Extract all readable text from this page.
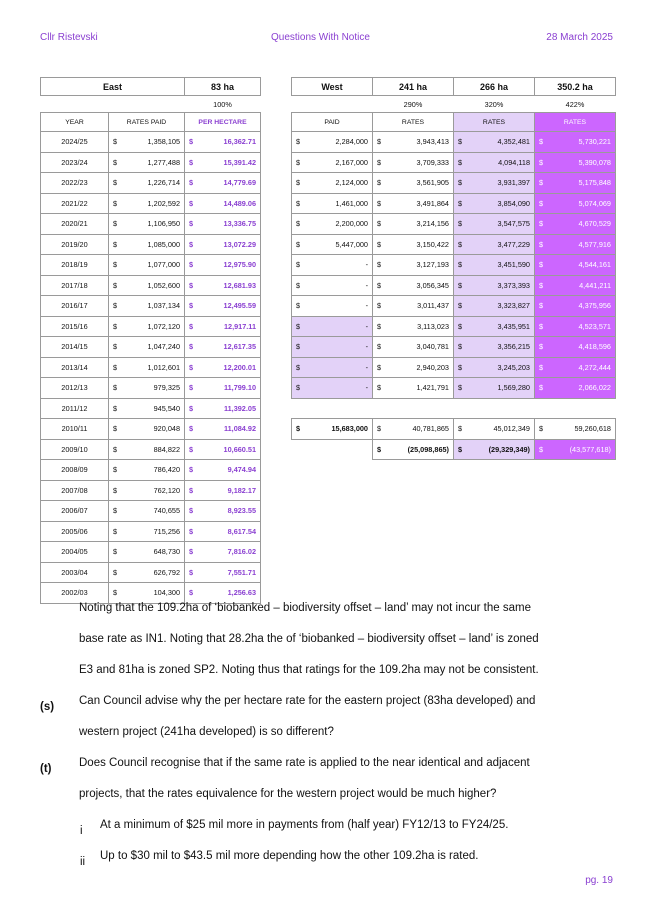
Cllr Ristevski	Questions With Notice	28 March 2025
East		83 ha
		100%
YEAR	RATES PAID	PER HECTARE
2024/25	$ 1,358,105	$ 16,362.71

2023/24	$ 1,277,488	$ 15,391.42

2022/23	$ 1,226,714	$ 14,779.69

2021/22	$ 1,202,592	$ 14,489.06

2020/21	$ 1,106,950	$ 13,336.75

2019/20	$ 1,085,000	$ 13,072.29

2018/19	$ 1,077,000	$ 12,975.90

2017/18	$ 1,052,600	$ 12,681.93

2016/17	$ 1,037,134	$ 12,495.59

2015/16	$ 1,072,120	$ 12,917.11

2014/15	$ 1,047,240	$ 12,617.35

2013/14	$ 1,012,601	$ 12,200.01

2012/13	$ 979,325	$ 11,799.10

2011/12	$ 945,540	$ 11,392.05

2010/11	$ 920,048	$ 11,084.92

2009/10	$ 884,822	$ 10,660.51

2008/09	$ 786,420	$ 9,474.94

2007/08	$ 762,120	$ 9,182.17

2006/07	$ 740,655	$ 8,923.55

2005/06	$ 715,256	$ 8,617.54

2004/05	$ 648,730	$ 7,816.02

2003/04	$ 626,792	$ 7,551.71

2002/03	$ 104,300	$ 1,256.63
West	241 ha	266 ha	350.2 ha
	290%	320%	422%
PAID	RATES	RATES	RATES

$ 2,284,000	$ 3,943,413	$ 4,352,481	$ 5,730,221

$ 2,167,000	$ 3,709,333	$ 4,094,118	$ 5,390,078

$ 2,124,000	$ 3,561,905	$ 3,931,397	$ 5,175,848

$ 1,461,000	$ 3,491,864	$ 3,854,090	$ 5,074,069

$ 2,200,000	$ 3,214,156	$ 3,547,575	$ 4,670,529

$ 5,447,000	$ 3,150,422	$ 3,477,229	$ 4,577,916

$ -	$ 3,127,193	$ 3,451,590	$ 4,544,161

$ -	$ 3,056,345	$ 3,373,393	$ 4,441,211

$ -	$ 3,011,437	$ 3,323,827	$ 4,375,956

$ -	$ 3,113,023	$ 3,435,951	$ 4,523,571

$ -	$ 3,040,781	$ 3,356,215	$ 4,418,596

$ -	$ 2,940,203	$ 3,245,203	$ 4,272,444

$ -	$ 1,421,791	$ 1,569,280	$ 2,066,022

$ 15,683,000	$ 40,781,865	$ 45,012,349	$ 59,260,618

	$ (25,098,865)	$ (29,329,349)	$ (43,577,618)
Noting that the 109.2ha of ‘biobanked – biodiversity offset – land’ may not incur the same
base rate as IN1. Noting that 28.2ha the of ‘biobanked – biodiversity offset – land’ is zoned
E3 and 81ha is zoned SP2. Noting thus that ratings for the 109.2ha may not be consistent.
(s) Can Council advise why the per hectare rate for the eastern project (83ha developed) and
western project (241ha developed) is so different?
(t) Does Council recognise that if the same rate is applied to the near identical and adjacent
projects, that the rates equivalence for the western project would be much higher?
i At a minimum of $25 mil more in payments from (half year) FY12/13 to FY24/25.
ii Up to $30 mil to $43.5 mil more depending how the other 109.2ha is rated.
pg. 19
